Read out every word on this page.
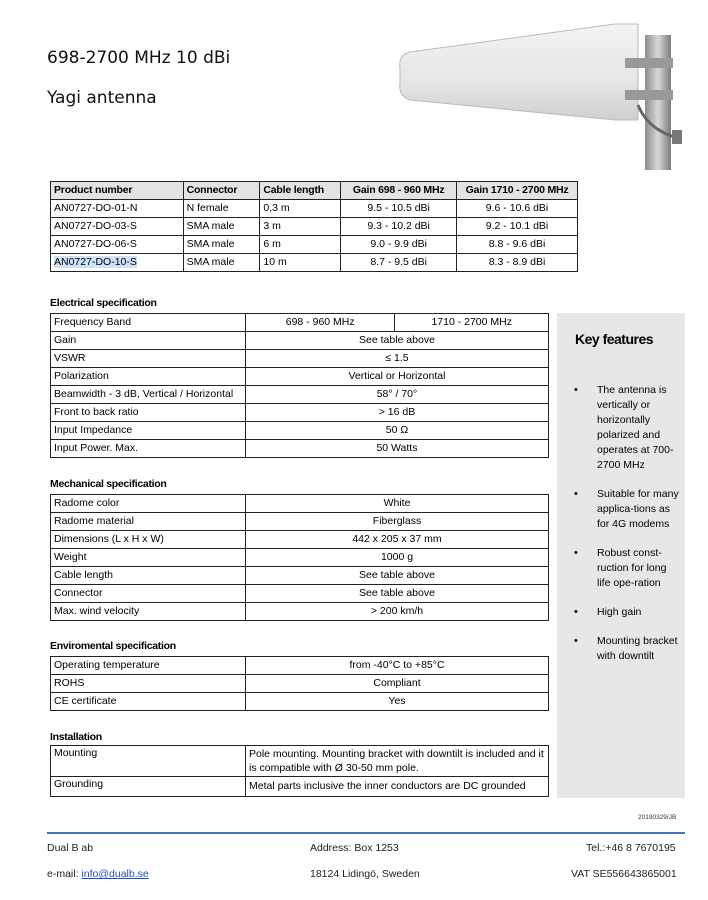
698-2700 MHz 10 dBi
Yagi antenna
Product number	Connector	Cable length	Gain 698 - 960 MHz	Gain 1710 - 2700 MHz
AN0727-DO-01-N	N female	0,3 m	9.5 - 10.5 dBi	9.6 - 10.6 dBi
AN0727-DO-03-S	SMA male	3 m	9.3 - 10.2 dBi	9.2 - 10.1 dBi
AN0727-DO-06-S	SMA male	6 m	9.0 - 9.9 dBi	8.8 - 9.6 dBi
AN0727-DO-10-S	SMA male	10 m	8.7 - 9.5 dBi	8.3 - 8.9 dBi
Electrical specification
Frequency Band	698 - 960 MHz	1710 - 2700 MHz
Gain	See table above	
VSWR	≤ 1.5	
Polarization	Vertical or Horizontal	
Beamwidth - 3 dB, Vertical / Horizontal	58° / 70°	
Front to back ratio	> 16 dB	
Input Impedance	50 Ω	
Input Power. Max.	50 Watts	
Mechanical specification
Radome color	White
Radome material	Fiberglass
Dimensions (L x H x W)	442 x 205 x 37 mm
Weight	1000 g
Cable length	See table above
Connector	See table above
Max. wind velocity	> 200 km/h
Enviromental specification
Operating temperature	from -40°C to +85°C
ROHS	Compliant
CE certificate	Yes
Installation
Mounting	Pole mounting. Mounting bracket with downtilt is included and it is compatible with Ø 30-50 mm pole.
Grounding	Metal parts inclusive the inner conductors are DC grounded
Key features
• The antenna is vertically or horizontally polarized and operates at 700-2700 MHz
• Suitable for many applica-tions as for 4G modems
• Robust const-ruction for long life ope-ration
• High gain
• Mounting bracket with downtilt
20190329/JB
Dual B ab	Address: Box 1253	Tel.:+46 8 7670195
e-mail: info@dualb.se	18124 Lidingö, Sweden	VAT SE556643865001
